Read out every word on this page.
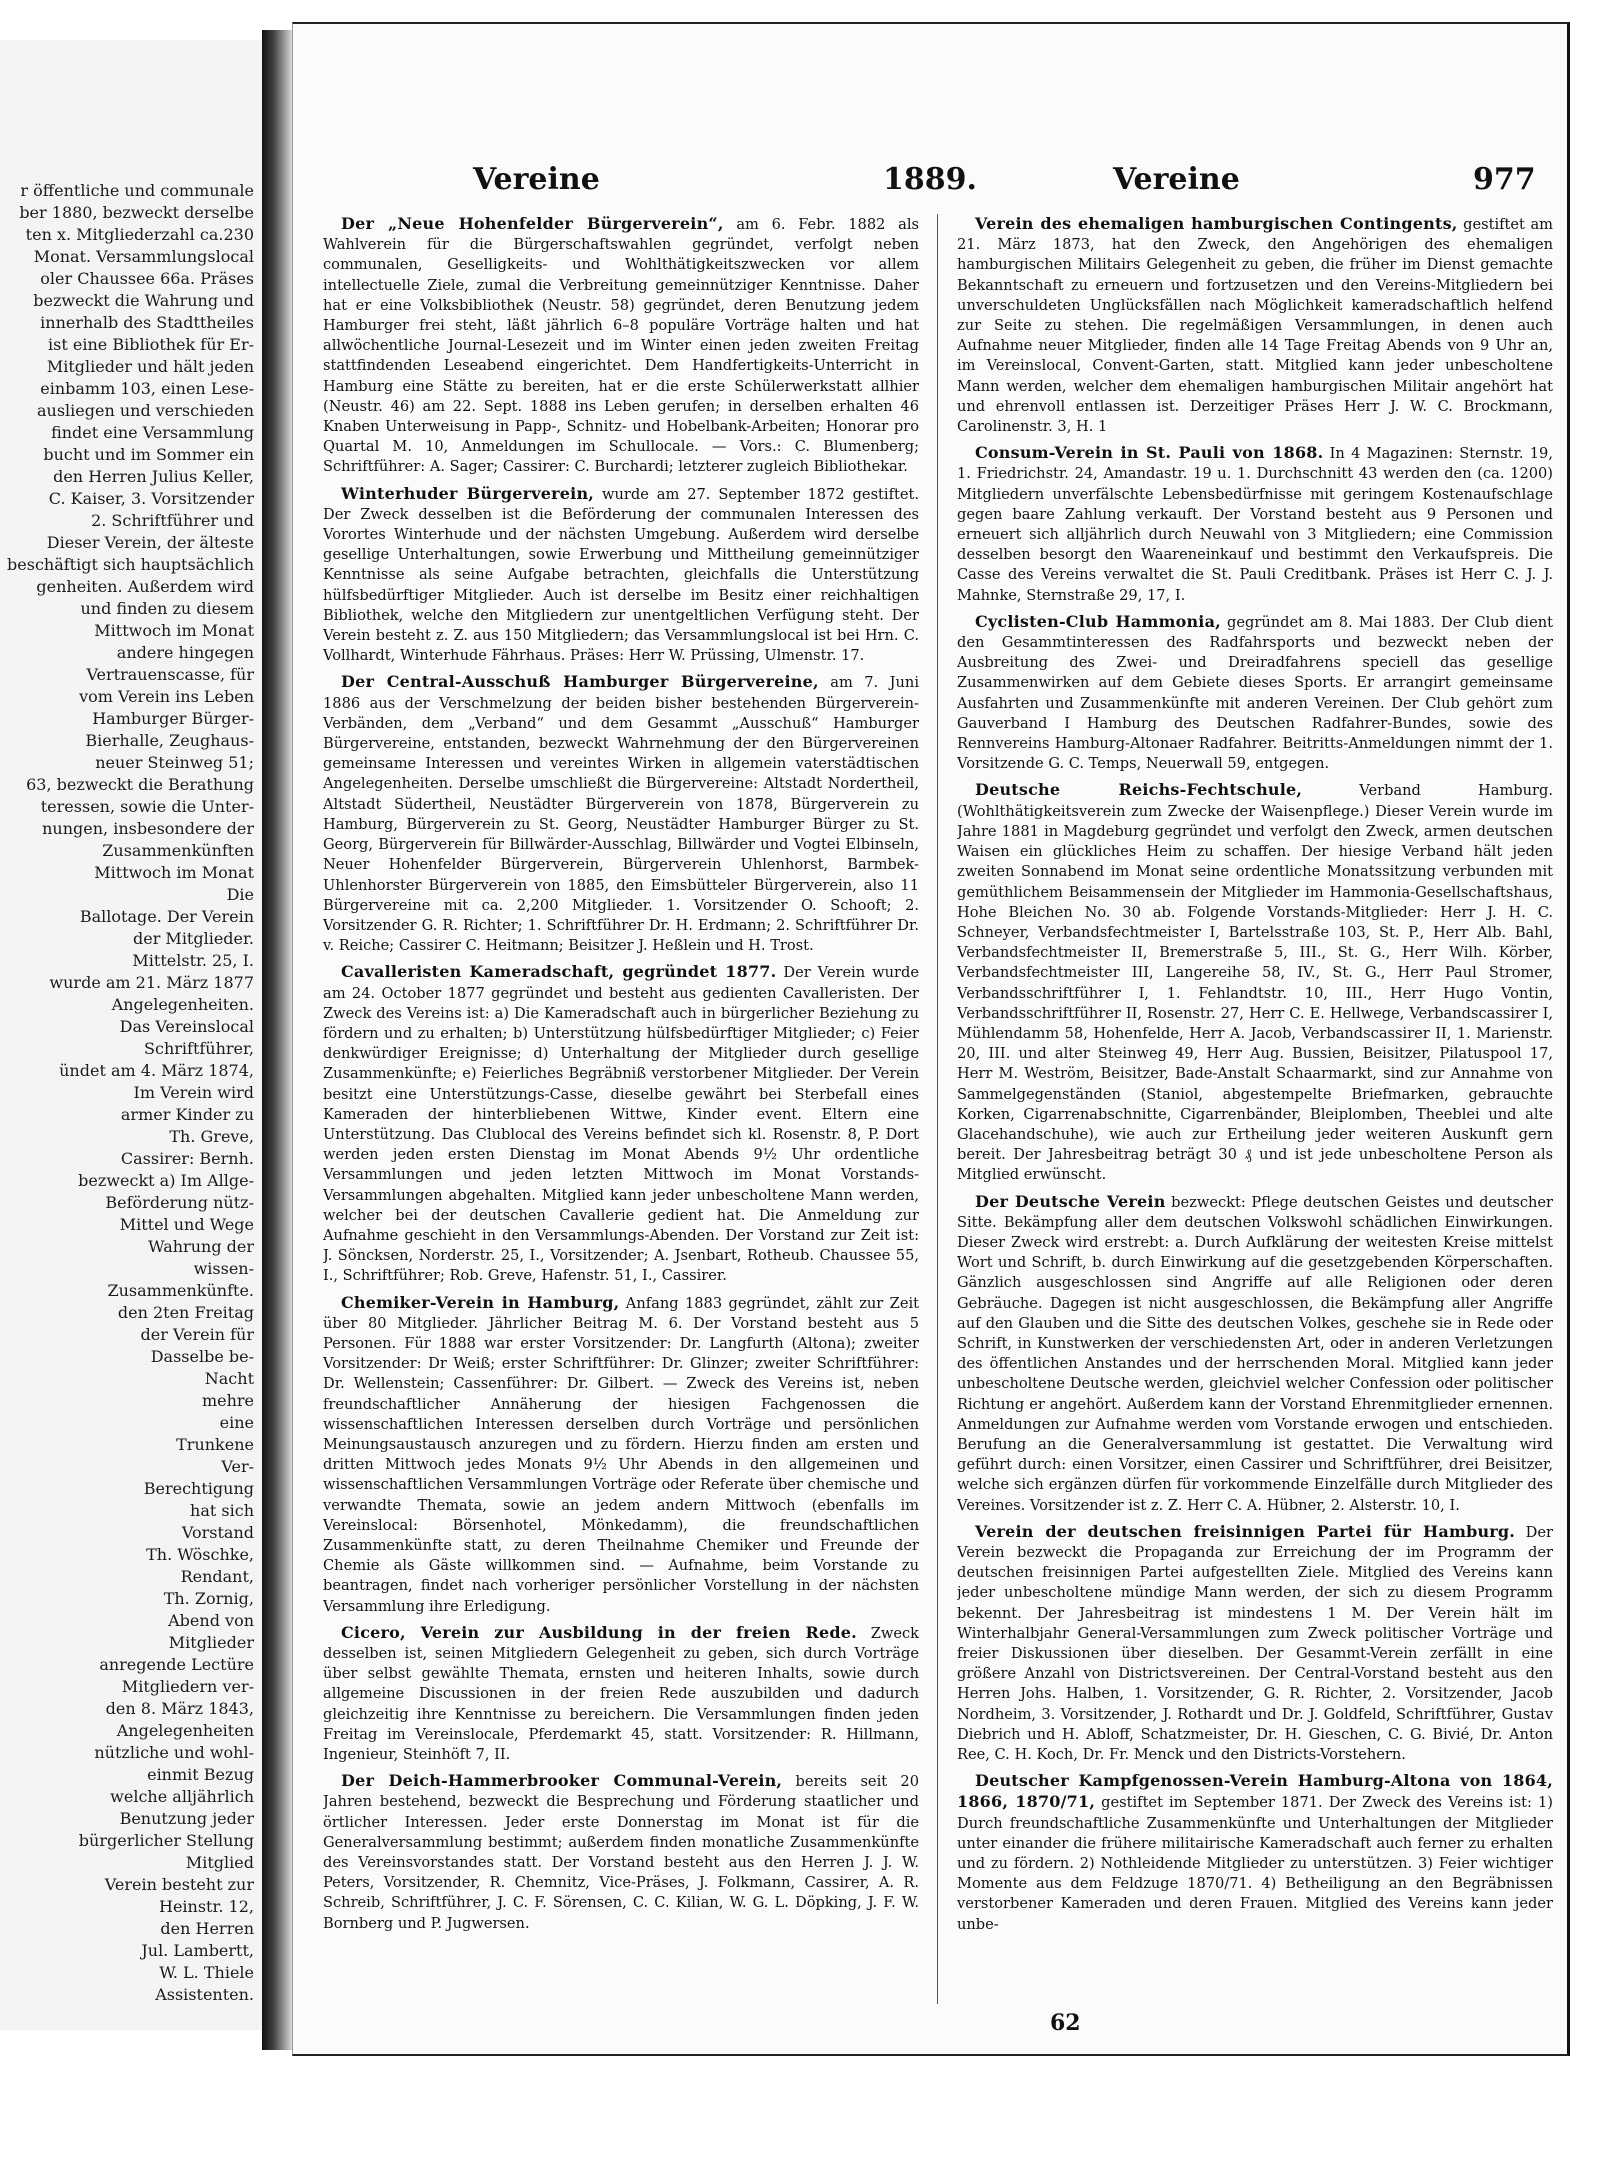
r öffentliche und communale
ber 1880, bezweckt derselbe
ten x. Mitgliederzahl ca.230
Monat. Versammlungslocal
oler Chaussee 66a. Präses
bezweckt die Wahrung und
innerhalb des Stadttheiles
ist eine Bibliothek für Er-
Mitglieder und hält jeden
einbamm 103, einen Lese-
ausliegen und verschieden
findet eine Versammlung
bucht und im Sommer ein
den Herren Julius Keller,
C. Kaiser, 3. Vorsitzender
2. Schriftführer und
Dieser Verein, der älteste
beschäftigt sich hauptsächlich
genheiten. Außerdem wird
und finden zu diesem
Mittwoch im Monat
andere hingegen
Vertrauenscasse, für
vom Verein ins Leben
Hamburger Bürger-
Bierhalle, Zeughaus-
neuer Steinweg 51;
63, bezweckt die Berathung
teressen, sowie die Unter-
nungen, insbesondere der
Zusammenkünften
Mittwoch im Monat
Die
Ballotage. Der Verein
der Mitglieder.
Mittelstr. 25, I.
wurde am 21. März 1877
Angelegenheiten.
Das Vereinslocal
Schriftführer,
ündet am 4. März 1874,
Im Verein wird
armer Kinder zu
Th. Greve,
Cassirer: Bernh.
bezweckt a) Im Allge-
Beförderung nütz-
Mittel und Wege
Wahrung der
wissen-
Zusammenkünfte.
den 2ten Freitag
der Verein für
Dasselbe be-
Nacht
mehre
eine
Trunkene
Ver-
Berechtigung
hat sich
Vorstand
Th. Wöschke,
Rendant,
Th. Zornig,
Abend von
Mitglieder
anregende Lectüre
Mitgliedern ver-
den 8. März 1843,
Angelegenheiten
nützliche und wohl-
einmit Bezug
welche alljährlich
Benutzung jeder
bürgerlicher Stellung
Mitglied
Verein besteht zur
Heinstr. 12,
den Herren
Jul. Lambertt,
W. L. Thiele
Assistenten.
Vereine	1889.	Vereine	977

Der „Neue Hohenfelder Bürgerverein“, am 6. Febr. 1882 als Wahlverein für die Bürgerschaftswahlen gegründet, verfolgt neben communalen, Geselligkeits- und Wohlthätigkeitszwecken vor allem intellectuelle Ziele, zumal die Verbreitung gemeinnütziger Kenntnisse. Daher hat er eine Volksbibliothek (Neustr. 58) gegründet, deren Benutzung jedem Hamburger frei steht, läßt jährlich 6–8 populäre Vorträge halten und hat allwöchentliche Journal-Lesezeit und im Winter einen jeden zweiten Freitag stattfindenden Leseabend eingerichtet. Dem Handfertigkeits-Unterricht in Hamburg eine Stätte zu bereiten, hat er die erste Schülerwerkstatt allhier (Neustr. 46) am 22. Sept. 1888 ins Leben gerufen; in derselben erhalten 46 Knaben Unterweisung in Papp-, Schnitz- und Hobelbank-Arbeiten; Honorar pro Quartal M. 10, Anmeldungen im Schullocale. — Vors.: C. Blumenberg; Schriftführer: A. Sager; Cassirer: C. Burchardi; letzterer zugleich Bibliothekar.

Winterhuder Bürgerverein, wurde am 27. September 1872 gestiftet. Der Zweck desselben ist die Beförderung der communalen Interessen des Vorortes Winterhude und der nächsten Umgebung. Außerdem wird derselbe gesellige Unterhaltungen, sowie Erwerbung und Mittheilung gemeinnütziger Kenntnisse als seine Aufgabe betrachten, gleichfalls die Unterstützung hülfsbedürftiger Mitglieder. Auch ist derselbe im Besitz einer reichhaltigen Bibliothek, welche den Mitgliedern zur unentgeltlichen Verfügung steht. Der Verein besteht z. Z. aus 150 Mitgliedern; das Versammlungslocal ist bei Hrn. C. Vollhardt, Winterhude Fährhaus. Präses: Herr W. Prüssing, Ulmenstr. 17.

Der Central-Ausschuß Hamburger Bürgervereine, am 7. Juni 1886 aus der Verschmelzung der beiden bisher bestehenden Bürgerverein-Verbänden, dem „Verband“ und dem Gesammt „Ausschuß“ Hamburger Bürgervereine, entstanden, bezweckt Wahrnehmung der den Bürgervereinen gemeinsame Interessen und vereintes Wirken in allgemein vaterstädtischen Angelegenheiten. Derselbe umschließt die Bürgervereine: Altstadt Nordertheil, Altstadt Südertheil, Neustädter Bürgerverein von 1878, Bürgerverein zu Hamburg, Bürgerverein zu St. Georg, Neustädter Hamburger Bürger zu St. Georg, Bürgerverein für Billwärder-Ausschlag, Billwärder und Vogtei Elbinseln, Neuer Hohenfelder Bürgerverein, Bürgerverein Uhlenhorst, Barmbek-Uhlenhorster Bürgerverein von 1885, den Eimsbütteler Bürgerverein, also 11 Bürgervereine mit ca. 2,200 Mitglieder. 1. Vorsitzender O. Schooft; 2. Vorsitzender G. R. Richter; 1. Schriftführer Dr. H. Erdmann; 2. Schriftführer Dr. v. Reiche; Cassirer C. Heitmann; Beisitzer J. Heßlein und H. Trost.

Cavalleristen Kameradschaft, gegründet 1877. Der Verein wurde am 24. October 1877 gegründet und besteht aus gedienten Cavalleristen. Der Zweck des Vereins ist: a) Die Kameradschaft auch in bürgerlicher Beziehung zu fördern und zu erhalten; b) Unterstützung hülfsbedürftiger Mitglieder; c) Feier denkwürdiger Ereignisse; d) Unterhaltung der Mitglieder durch gesellige Zusammenkünfte; e) Feierliches Begräbniß verstorbener Mitglieder. Der Verein besitzt eine Unterstützungs-Casse, dieselbe gewährt bei Sterbefall eines Kameraden der hinterbliebenen Wittwe, Kinder event. Eltern eine Unterstützung. Das Clublocal des Vereins befindet sich kl. Rosenstr. 8, P. Dort werden jeden ersten Dienstag im Monat Abends 9½ Uhr ordentliche Versammlungen und jeden letzten Mittwoch im Monat Vorstands-Versammlungen abgehalten. Mitglied kann jeder unbescholtene Mann werden, welcher bei der deutschen Cavallerie gedient hat. Die Anmeldung zur Aufnahme geschieht in den Versammlungs-Abenden. Der Vorstand zur Zeit ist: J. Söncksen, Norderstr. 25, I., Vorsitzender; A. Jsenbart, Rotheub. Chaussee 55, I., Schriftführer; Rob. Greve, Hafenstr. 51, I., Cassirer.

Chemiker-Verein in Hamburg, Anfang 1883 gegründet, zählt zur Zeit über 80 Mitglieder. Jährlicher Beitrag M. 6. Der Vorstand besteht aus 5 Personen. Für 1888 war erster Vorsitzender: Dr. Langfurth (Altona); zweiter Vorsitzender: Dr Weiß; erster Schriftführer: Dr. Glinzer; zweiter Schriftführer: Dr. Wellenstein; Cassenführer: Dr. Gilbert. — Zweck des Vereins ist, neben freundschaftlicher Annäherung der hiesigen Fachgenossen die wissenschaftlichen Interessen derselben durch Vorträge und persönlichen Meinungsaustausch anzuregen und zu fördern. Hierzu finden am ersten und dritten Mittwoch jedes Monats 9½ Uhr Abends in den allgemeinen und wissenschaftlichen Versammlungen Vorträge oder Referate über chemische und verwandte Themata, sowie an jedem andern Mittwoch (ebenfalls im Vereinslocal: Börsenhotel, Mönkedamm), die freundschaftlichen Zusammenkünfte statt, zu deren Theilnahme Chemiker und Freunde der Chemie als Gäste willkommen sind. — Aufnahme, beim Vorstande zu beantragen, findet nach vorheriger persönlicher Vorstellung in der nächsten Versammlung ihre Erledigung.

Cicero, Verein zur Ausbildung in der freien Rede. Zweck desselben ist, seinen Mitgliedern Gelegenheit zu geben, sich durch Vorträge über selbst gewählte Themata, ernsten und heiteren Inhalts, sowie durch allgemeine Discussionen in der freien Rede auszubilden und dadurch gleichzeitig ihre Kenntnisse zu bereichern. Die Versammlungen finden jeden Freitag im Vereinslocale, Pferdemarkt 45, statt. Vorsitzender: R. Hillmann, Ingenieur, Steinhöft 7, II.

Der Deich-Hammerbrooker Communal-Verein, bereits seit 20 Jahren bestehend, bezweckt die Besprechung und Förderung staatlicher und örtlicher Interessen. Jeder erste Donnerstag im Monat ist für die Generalversammlung bestimmt; außerdem finden monatliche Zusammenkünfte des Vereinsvorstandes statt. Der Vorstand besteht aus den Herren J. J. W. Peters, Vorsitzender, R. Chemnitz, Vice-Präses, J. Folkmann, Cassirer, A. R. Schreib, Schriftführer, J. C. F. Sörensen, C. C. Kilian, W. G. L. Döpking, J. F. W. Bornberg und P. Jugwersen.

Verein des ehemaligen hamburgischen Contingents, gestiftet am 21. März 1873, hat den Zweck, den Angehörigen des ehemaligen hamburgischen Militairs Gelegenheit zu geben, die früher im Dienst gemachte Bekanntschaft zu erneuern und fortzusetzen und den Vereins-Mitgliedern bei unverschuldeten Unglücksfällen nach Möglichkeit kameradschaftlich helfend zur Seite zu stehen. Die regelmäßigen Versammlungen, in denen auch Aufnahme neuer Mitglieder, finden alle 14 Tage Freitag Abends von 9 Uhr an, im Vereinslocal, Convent-Garten, statt. Mitglied kann jeder unbescholtene Mann werden, welcher dem ehemaligen hamburgischen Militair angehört hat und ehrenvoll entlassen ist. Derzeitiger Präses Herr J. W. C. Brockmann, Carolinenstr. 3, H. 1

Consum-Verein in St. Pauli von 1868. In 4 Magazinen: Sternstr. 19, 1. Friedrichstr. 24, Amandastr. 19 u. 1. Durchschnitt 43 werden den (ca. 1200) Mitgliedern unverfälschte Lebensbedürfnisse mit geringem Kostenaufschlage gegen baare Zahlung verkauft. Der Vorstand besteht aus 9 Personen und erneuert sich alljährlich durch Neuwahl von 3 Mitgliedern; eine Commission desselben besorgt den Waareneinkauf und bestimmt den Verkaufspreis. Die Casse des Vereins verwaltet die St. Pauli Creditbank. Präses ist Herr C. J. J. Mahnke, Sternstraße 29, 17, I.

Cyclisten-Club Hammonia, gegründet am 8. Mai 1883. Der Club dient den Gesammtinteressen des Radfahrsports und bezweckt neben der Ausbreitung des Zwei- und Dreiradfahrens speciell das gesellige Zusammenwirken auf dem Gebiete dieses Sports. Er arrangirt gemeinsame Ausfahrten und Zusammenkünfte mit anderen Vereinen. Der Club gehört zum Gauverband I Hamburg des Deutschen Radfahrer-Bundes, sowie des Rennvereins Hamburg-Altonaer Radfahrer. Beitritts-Anmeldungen nimmt der 1. Vorsitzende G. C. Temps, Neuerwall 59, entgegen.

Deutsche Reichs-Fechtschule, Verband Hamburg. (Wohlthätigkeitsverein zum Zwecke der Waisenpflege.) Dieser Verein wurde im Jahre 1881 in Magdeburg gegründet und verfolgt den Zweck, armen deutschen Waisen ein glückliches Heim zu schaffen. Der hiesige Verband hält jeden zweiten Sonnabend im Monat seine ordentliche Monatssitzung verbunden mit gemüthlichem Beisammensein der Mitglieder im Hammonia-Gesellschaftshaus, Hohe Bleichen No. 30 ab. Folgende Vorstands-Mitglieder: Herr J. H. C. Schneyer, Verbandsfechtmeister I, Bartelsstraße 103, St. P., Herr Alb. Bahl, Verbandsfechtmeister II, Bremerstraße 5, III., St. G., Herr Wilh. Körber, Verbandsfechtmeister III, Langereihe 58, IV., St. G., Herr Paul Stromer, Verbandsschriftführer I, 1. Fehlandtstr. 10, III., Herr Hugo Vontin, Verbandsschriftführer II, Rosenstr. 27, Herr C. E. Hellwege, Verbandscassirer I, Mühlendamm 58, Hohenfelde, Herr A. Jacob, Verbandscassirer II, 1. Marienstr. 20, III. und alter Steinweg 49, Herr Aug. Bussien, Beisitzer, Pilatuspool 17, Herr M. Weström, Beisitzer, Bade-Anstalt Schaarmarkt, sind zur Annahme von Sammelgegenständen (Staniol, abgestempelte Briefmarken, gebrauchte Korken, Cigarrenabschnitte, Cigarrenbänder, Bleiplomben, Theeblei und alte Glacehandschuhe), wie auch zur Ertheilung jeder weiteren Auskunft gern bereit. Der Jahresbeitrag beträgt 30 ₰ und ist jede unbescholtene Person als Mitglied erwünscht.

Der Deutsche Verein bezweckt: Pflege deutschen Geistes und deutscher Sitte. Bekämpfung aller dem deutschen Volkswohl schädlichen Einwirkungen. Dieser Zweck wird erstrebt: a. Durch Aufklärung der weitesten Kreise mittelst Wort und Schrift, b. durch Einwirkung auf die gesetzgebenden Körperschaften. Gänzlich ausgeschlossen sind Angriffe auf alle Religionen oder deren Gebräuche. Dagegen ist nicht ausgeschlossen, die Bekämpfung aller Angriffe auf den Glauben und die Sitte des deutschen Volkes, geschehe sie in Rede oder Schrift, in Kunstwerken der verschiedensten Art, oder in anderen Verletzungen des öffentlichen Anstandes und der herrschenden Moral. Mitglied kann jeder unbescholtene Deutsche werden, gleichviel welcher Confession oder politischer Richtung er angehört. Außerdem kann der Vorstand Ehrenmitglieder ernennen. Anmeldungen zur Aufnahme werden vom Vorstande erwogen und entschieden. Berufung an die Generalversammlung ist gestattet. Die Verwaltung wird geführt durch: einen Vorsitzer, einen Cassirer und Schriftführer, drei Beisitzer, welche sich ergänzen dürfen für vorkommende Einzelfälle durch Mitglieder des Vereines. Vorsitzender ist z. Z. Herr C. A. Hübner, 2. Alsterstr. 10, I.

Verein der deutschen freisinnigen Partei für Hamburg. Der Verein bezweckt die Propaganda zur Erreichung der im Programm der deutschen freisinnigen Partei aufgestellten Ziele. Mitglied des Vereins kann jeder unbescholtene mündige Mann werden, der sich zu diesem Programm bekennt. Der Jahresbeitrag ist mindestens 1 M. Der Verein hält im Winterhalbjahr General-Versammlungen zum Zweck politischer Vorträge und freier Diskussionen über dieselben. Der Gesammt-Verein zerfällt in eine größere Anzahl von Districtsvereinen. Der Central-Vorstand besteht aus den Herren Johs. Halben, 1. Vorsitzender, G. R. Richter, 2. Vorsitzender, Jacob Nordheim, 3. Vorsitzender, J. Rothardt und Dr. J. Goldfeld, Schriftführer, Gustav Diebrich und H. Abloff, Schatzmeister, Dr. H. Gieschen, C. G. Bivié, Dr. Anton Ree, C. H. Koch, Dr. Fr. Menck und den Districts-Vorstehern.

Deutscher Kampfgenossen-Verein Hamburg-Altona von 1864, 1866, 1870/71, gestiftet im September 1871. Der Zweck des Vereins ist: 1) Durch freundschaftliche Zusammenkünfte und Unterhaltungen der Mitglieder unter einander die frühere militairische Kameradschaft auch ferner zu erhalten und zu fördern. 2) Nothleidende Mitglieder zu unterstützen. 3) Feier wichtiger Momente aus dem Feldzuge 1870/71. 4) Betheiligung an den Begräbnissen verstorbener Kameraden und deren Frauen. Mitglied des Vereins kann jeder unbe-

62
